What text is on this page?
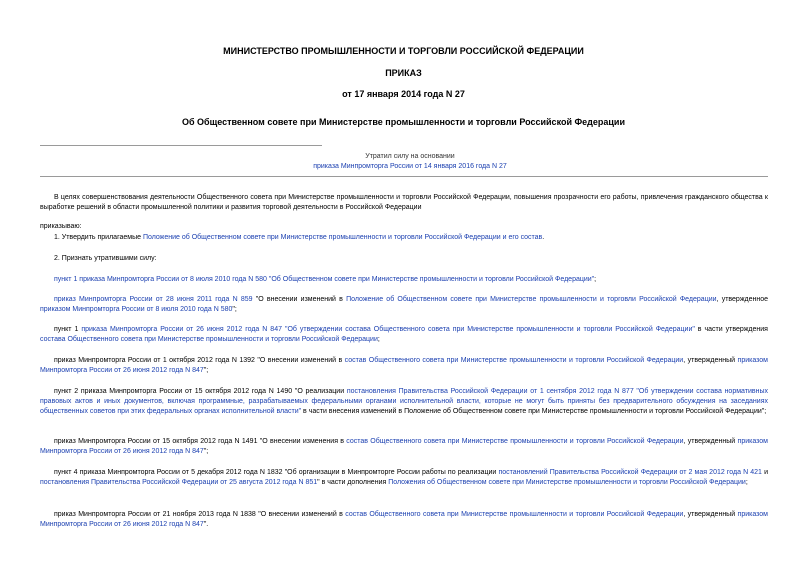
МИНИСТЕРСТВО ПРОМЫШЛЕННОСТИ И ТОРГОВЛИ РОССИЙСКОЙ ФЕДЕРАЦИИ
ПРИКАЗ
от 17 января 2014 года N 27
Об Общественном совете при Министерстве промышленности и торговли Российской Федерации
Утратил силу на основании
приказа Минпромторга России от 14 января 2016 года N 27
В целях совершенствования деятельности Общественного совета при Министерстве промышленности и торговли Российской Федерации, повышения прозрачности его работы, привлечения гражданского общества к выработке решений в области промышленной политики и развития торговой деятельности в Российской Федерации
приказываю:
1. Утвердить прилагаемые Положение об Общественном совете при Министерстве промышленности и торговли Российской Федерации и его состав.
2. Признать утратившими силу:
пункт 1 приказа Минпромторга России от 8 июля 2010 года N 580 "Об Общественном совете при Министерстве промышленности и торговли Российской Федерации";
приказ Минпромторга России от 28 июня 2011 года N 859 "О внесении изменений в Положение об Общественном совете при Министерстве промышленности и торговли Российской Федерации, утвержденное приказом Минпромторга России от 8 июля 2010 года N 580";
пункт 1 приказа Минпромторга России от 26 июня 2012 года N 847 "Об утверждении состава Общественного совета при Министерстве промышленности и торговли Российской Федерации" в части утверждения состава Общественного совета при Министерстве промышленности и торговли Российской Федерации;
приказ Минпромторга России от 1 октября 2012 года N 1392 "О внесении изменений в состав Общественного совета при Министерстве промышленности и торговли Российской Федерации, утвержденный приказом Минпромторга России от 26 июня 2012 года N 847";
пункт 2 приказа Минпромторга России от 15 октября 2012 года N 1490 "О реализации постановления Правительства Российской Федерации от 1 сентября 2012 года N 877 "Об утверждении состава нормативных правовых актов и иных документов, включая программные, разрабатываемых федеральными органами исполнительной власти, которые не могут быть приняты без предварительного обсуждения на заседаниях общественных советов при этих федеральных органах исполнительной власти" в части внесения изменений в Положение об Общественном совете при Министерстве промышленности и торговли Российской Федерации";
приказ Минпромторга России от 15 октября 2012 года N 1491 "О внесении изменения в состав Общественного совета при Министерстве промышленности и торговли Российской Федерации, утвержденный приказом Минпромторга России от 26 июня 2012 года N 847";
пункт 4 приказа Минпромторга России от 5 декабря 2012 года N 1832 "Об организации в Минпромторге России работы по реализации постановлений Правительства Российской Федерации от 2 мая 2012 года N 421 и постановления Правительства Российской Федерации от 25 августа 2012 года N 851" в части дополнения Положения об Общественном совете при Министерстве промышленности и торговли Российской Федерации;
приказ Минпромторга России от 21 ноября 2013 года N 1838 "О внесении изменений в состав Общественного совета при Министерстве промышленности и торговли Российской Федерации, утвержденный приказом Минпромторга России от 26 июня 2012 года N 847".
